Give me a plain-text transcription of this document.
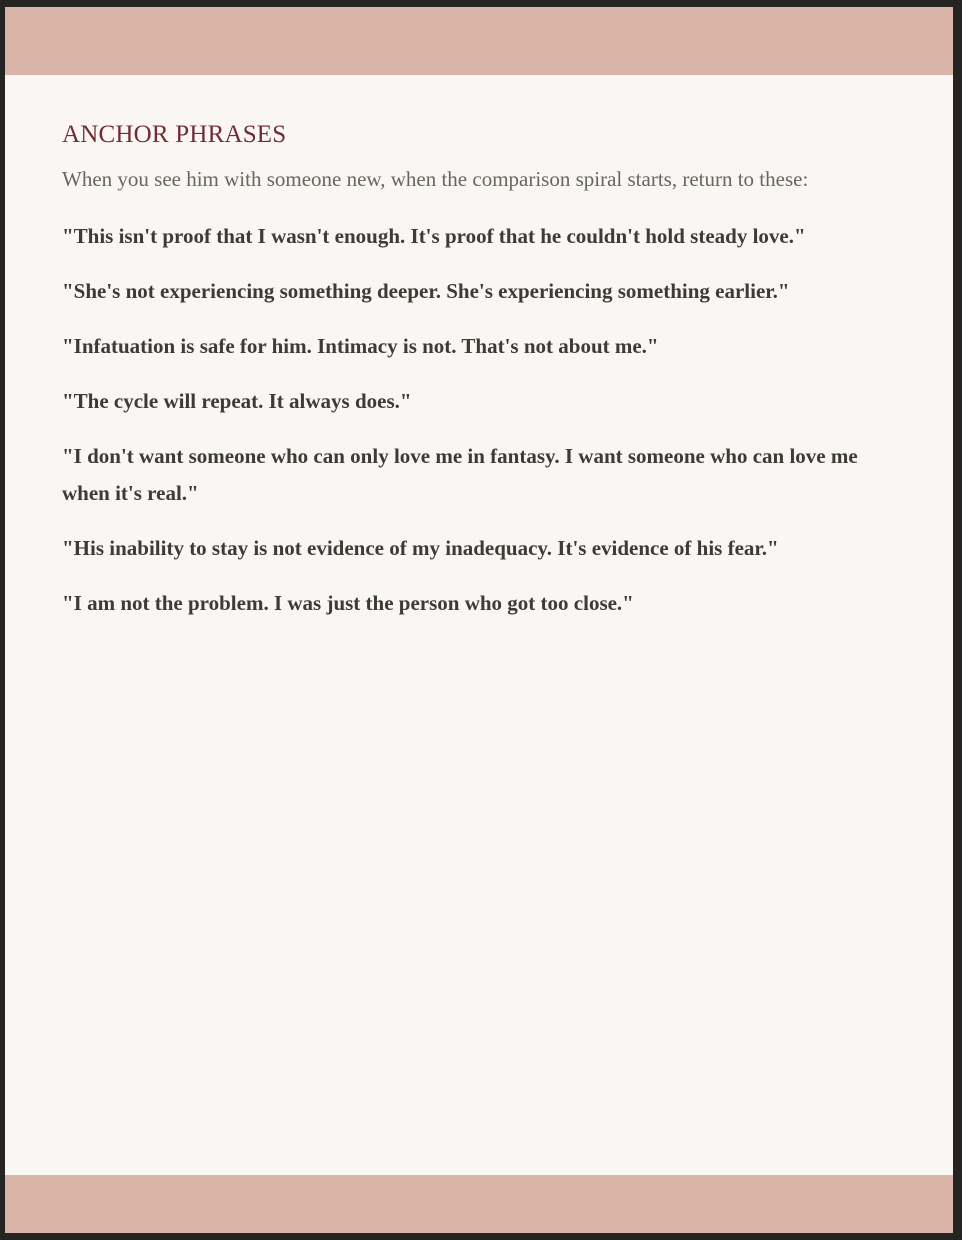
ANCHOR PHRASES

When you see him with someone new, when the comparison spiral starts, return to these:

"This isn't proof that I wasn't enough. It's proof that he couldn't hold steady love."
"She's not experiencing something deeper. She's experiencing something earlier."
"Infatuation is safe for him. Intimacy is not. That's not about me."
"The cycle will repeat. It always does."
"I don't want someone who can only love me in fantasy. I want someone who can love me when it's real."
"His inability to stay is not evidence of my inadequacy. It's evidence of his fear."
"I am not the problem. I was just the person who got too close."
